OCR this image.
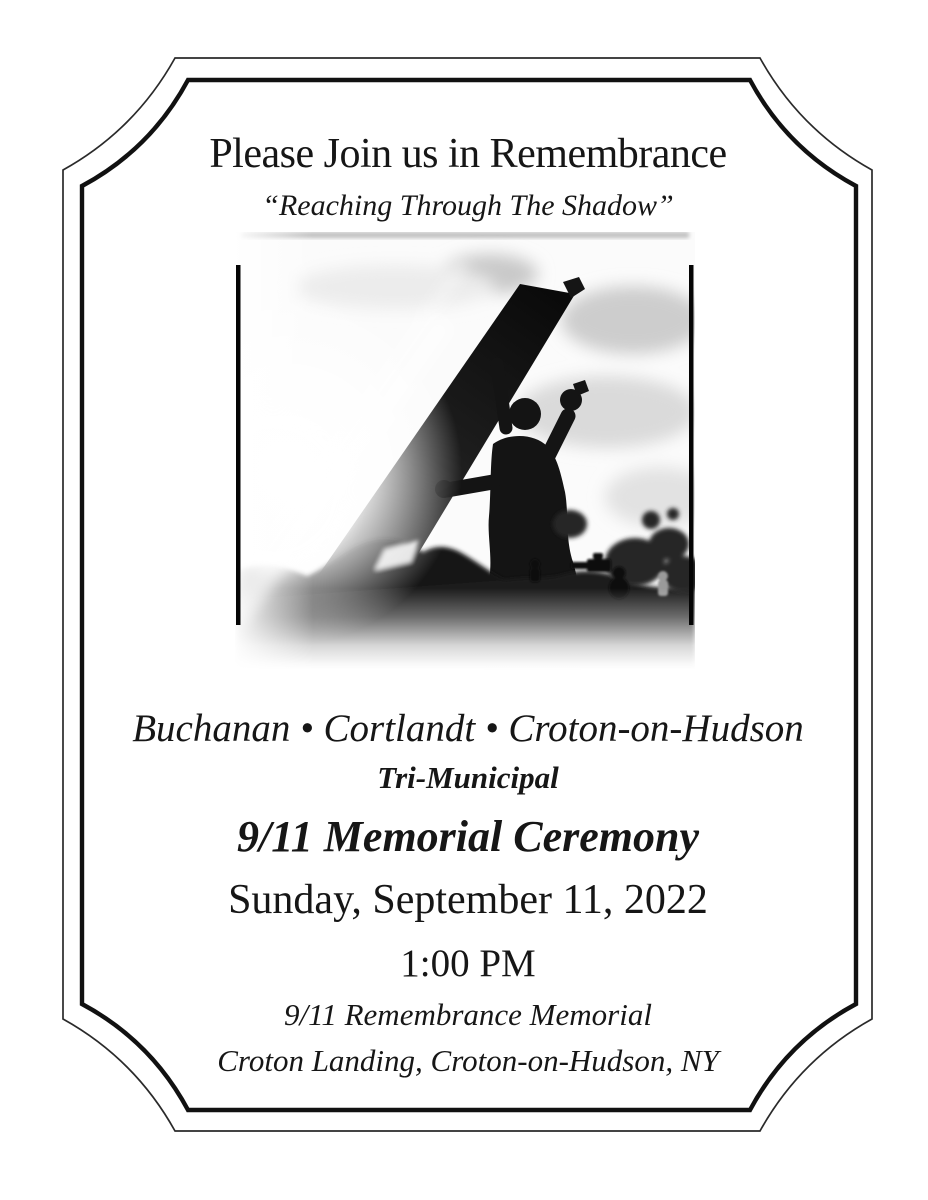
Please Join us in Remembrance
“Reaching Through The Shadow”
Buchanan • Cortlandt • Croton-on-Hudson
Tri-Municipal
9/11 Memorial Ceremony
Sunday, September 11, 2022
1:00 PM
9/11 Remembrance Memorial
Croton Landing, Croton-on-Hudson, NY
